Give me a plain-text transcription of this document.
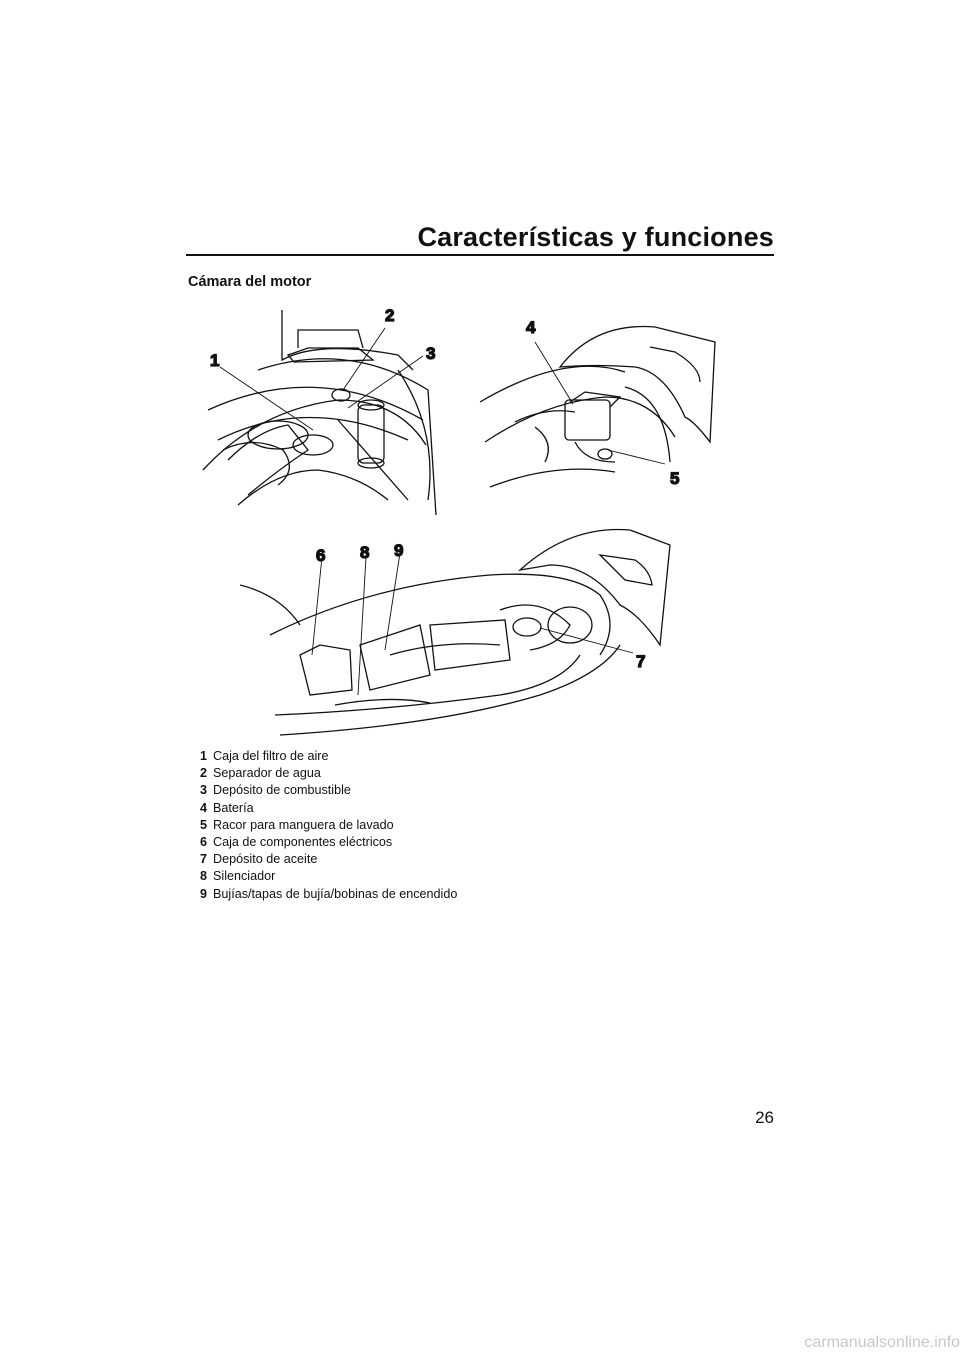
Características y funciones
Cámara del motor
1
2
3
4
5
6 8 9
7
1 Caja del filtro de aire
2 Separador de agua
3 Depósito de combustible
4 Batería
5 Racor para manguera de lavado
6 Caja de componentes eléctricos
7 Depósito de aceite
8 Silenciador
9 Bujías/tapas de bujía/bobinas de encendido
26
carmanualsonline.info
